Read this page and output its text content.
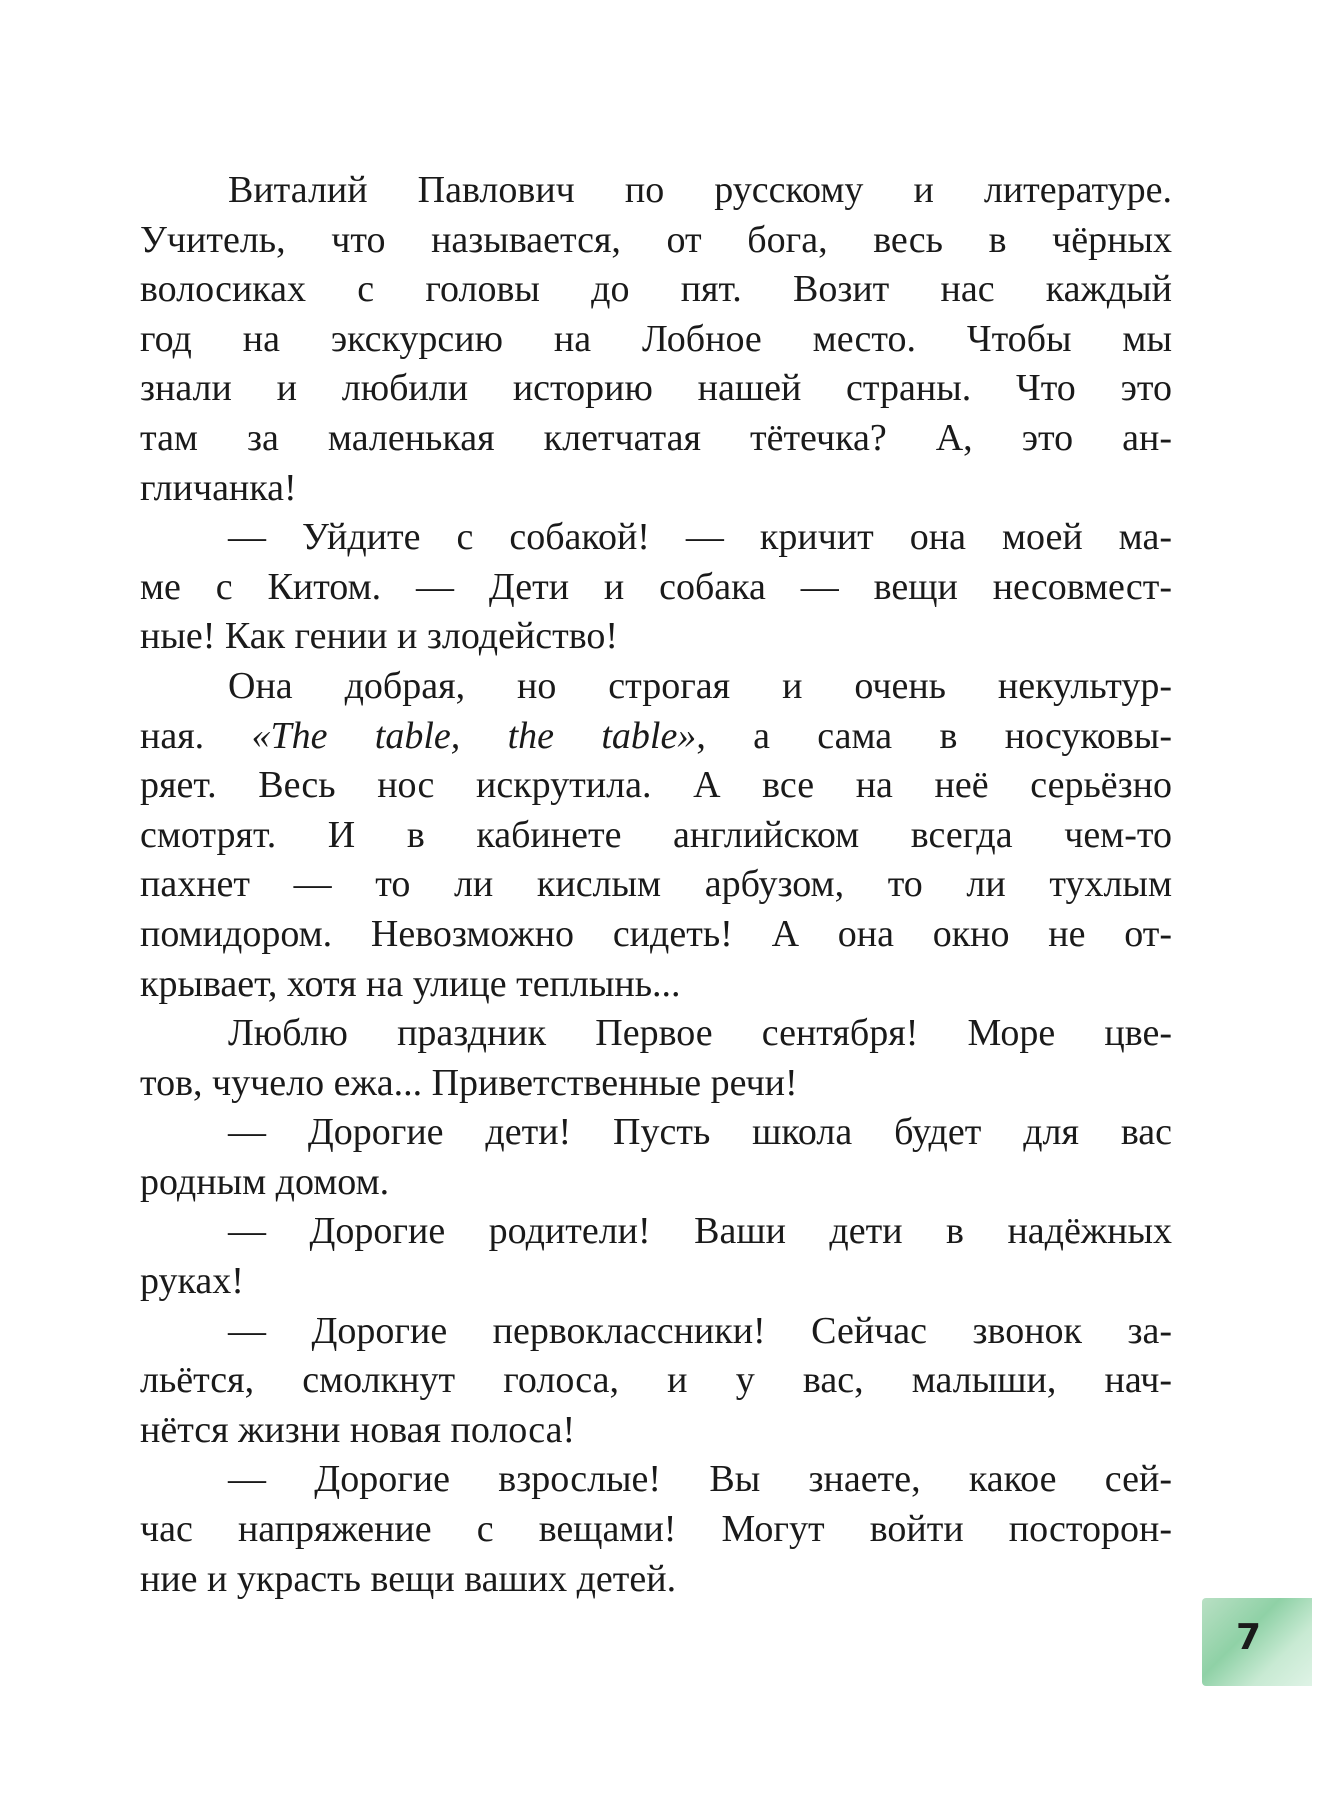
Виталий Павлович по русскому и литературе.
Учитель, что называется, от бога, весь в чёрных
волосиках с головы до пят. Возит нас каждый
год на экскурсию на Лобное место. Чтобы мы
знали и любили историю нашей страны. Что это
там за маленькая клетчатая тётечка? А, это ан-
гличанка!
— Уйдите с собакой! — кричит она моей ма-
ме с Китом. — Дети и собака — вещи несовмест-
ные! Как гении и злодейство!
Она добрая, но строгая и очень некультур-
ная. «The table, the table», а сама в носуковы-
ряет. Весь нос искрутила. А все на неё серьёзно
смотрят. И в кабинете английском всегда чем-то
пахнет — то ли кислым арбузом, то ли тухлым
помидором. Невозможно сидеть! А она окно не от-
крывает, хотя на улице теплынь...
Люблю праздник Первое сентября! Море цве-
тов, чучело ежа... Приветственные речи!
— Дорогие дети! Пусть школа будет для вас
родным домом.
— Дорогие родители! Ваши дети в надёжных
руках!
— Дорогие первоклассники! Сейчас звонок за-
льётся, смолкнут голоса, и у вас, малыши, нач-
нётся жизни новая полоса!
— Дорогие взрослые! Вы знаете, какое сей-
час напряжение с вещами! Могут войти посторон-
ние и украсть вещи ваших детей.
7
